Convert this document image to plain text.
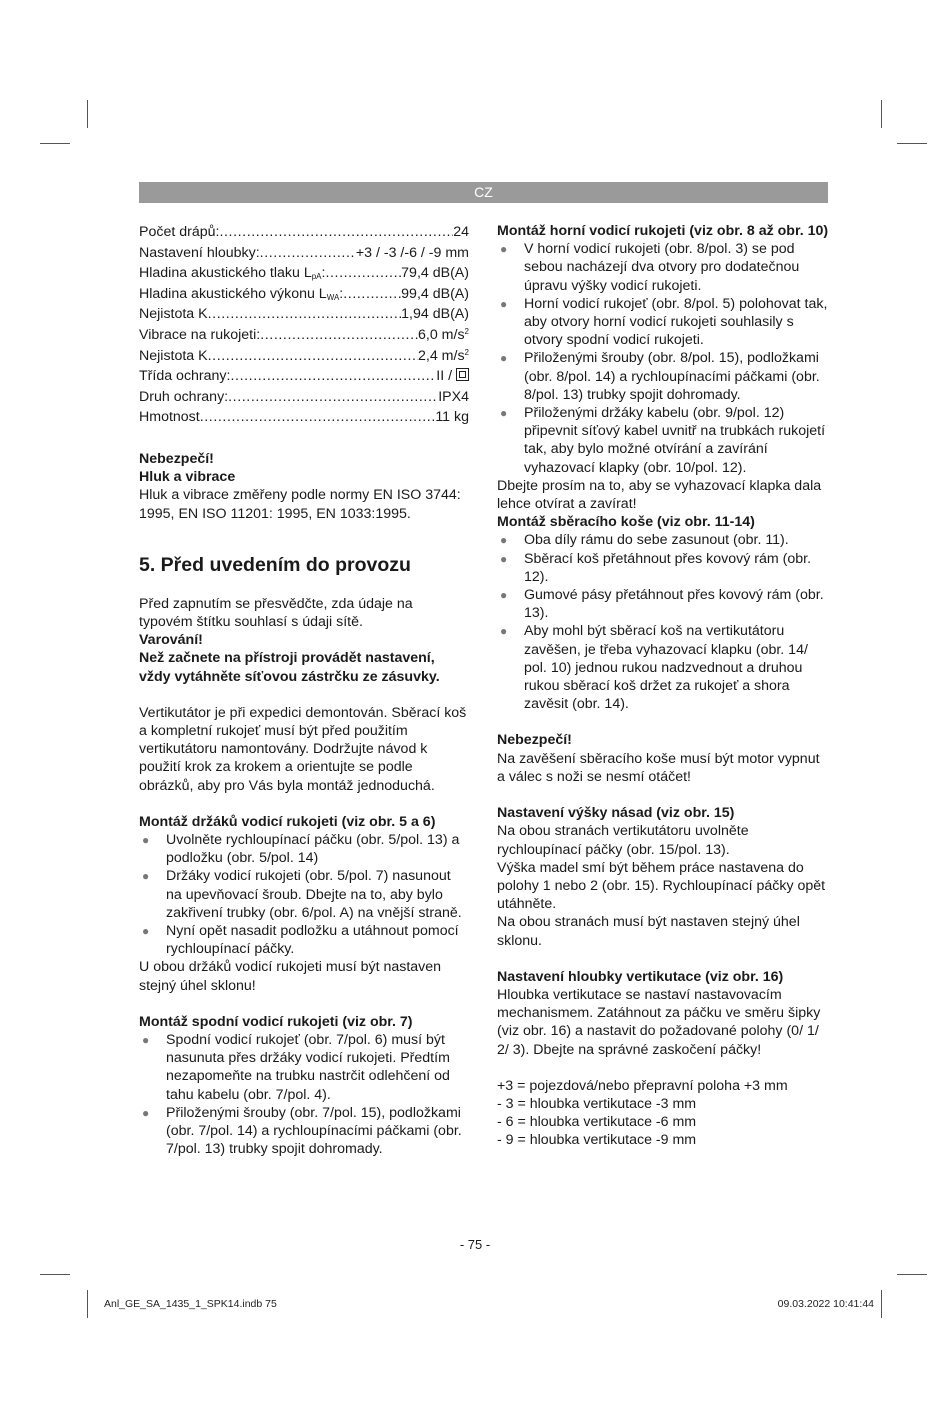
CZ
Počet drápů: .....	24
Nastavení hloubky: .....	+3 / -3 /-6 / -9 mm
Hladina akustického tlaku $L_{pA}$: .....	79,4 dB(A)
Hladina akustického výkonu $L_{WA}$: .....	99,4 dB(A)
Nejistota K .....	1,94 dB(A)
Vibrace na rukojeti: .....	6,0 $m/s^2$
Nejistota K .....	2,4 $m/s^2$
Třída ochrany: .....	II /
Druh ochrany: .....	IPX4
Hmotnost .....	11 kg

Nebezpečí!

Hluk a vibrace

Hluk a vibrace změřeny podle normy EN ISO 3744: 1995, EN ISO 11201: 1995, EN 1033:1995.

5. Před uvedením do provozu

Před zapnutím se přesvědčte, zda údaje na typovém štítku souhlasí s údaji sítě.

Varování!

Než začnete na přístroji provádět nastavení, vždy vytáhněte síťovou zástrčku ze zásuvky.

Vertikutátor je při expedici demontován. Sběrací koš a kompletní rukojeť musí být před použitím vertikutátoru namontovány. Dodržujte návod k použití krok za krokem a orientujte se podle obrázků, aby pro Vás byla montáž jednoduchá.

Montáž držáků vodicí rukojeti (viz obr. 5 a 6)

● Uvolněte rychloupínací páčku (obr. 5/pol. 13) a podložku (obr. 5/pol. 14)
● Držáky vodicí rukojeti (obr. 5/pol. 7) nasunout na upevňovací šroub. Dbejte na to, aby bylo zakřivení trubky (obr. 6/pol. A) na vnější straně.
● Nyní opět nasadit podložku a utáhnout pomocí rychloupínací páčky.

U obou držáků vodicí rukojeti musí být nastaven stejný úhel sklonu!

Montáž spodní vodicí rukojeti (viz obr. 7)

● Spodní vodicí rukojeť (obr. 7/pol. 6) musí být nasunuta přes držáky vodicí rukojeti. Předtím nezapomeňte na trubku nastrčit odlehčení od tahu kabelu (obr. 7/pol. 4).
● Přiloženými šrouby (obr. 7/pol. 15), podložkami (obr. 7/pol. 14) a rychloupínacími páčkami (obr. 7/pol. 13) trubky spojit dohromady.

Montáž horní vodicí rukojeti (viz obr. 8 až obr. 10)

● V horní vodicí rukojeti (obr. 8/pol. 3) se pod sebou nacházejí dva otvory pro dodatečnou úpravu výšky vodicí rukojeti.
● Horní vodicí rukojeť (obr. 8/pol. 5) polohovat tak, aby otvory horní vodicí rukojeti souhlasily s otvory spodní vodicí rukojeti.
● Přiloženými šrouby (obr. 8/pol. 15), podložkami (obr. 8/pol. 14) a rychloupínacími páčkami (obr. 8/pol. 13) trubky spojit dohromady.
● Přiloženými držáky kabelu (obr. 9/pol. 12) připevnit síťový kabel uvnitř na trubkách rukojetí tak, aby bylo možné otvírání a zavírání vyhazovací klapky (obr. 10/pol. 12).

Dbejte prosím na to, aby se vyhazovací klapka dala lehce otvírat a zavírat!

Montáž sběracího koše (viz obr. 11-14)

● Oba díly rámu do sebe zasunout (obr. 11).
● Sběrací koš přetáhnout přes kovový rám (obr. 12).
● Gumové pásy přetáhnout přes kovový rám (obr. 13).
● Aby mohl být sběrací koš na vertikutátoru zavěšen, je třeba vyhazovací klapku (obr. 14/ pol. 10) jednou rukou nadzvednout a druhou rukou sběrací koš držet za rukojeť a shora zavěsit (obr. 14).

Nebezpečí!

Na zavěšení sběracího koše musí být motor vypnut a válec s noži se nesmí otáčet!

Nastavení výšky násad (viz obr. 15)

Na obou stranách vertikutátoru uvolněte rychloupínací páčky (obr. 15/pol. 13).

Výška madel smí být během práce nastavena do polohy 1 nebo 2 (obr. 15). Rychloupínací páčky opět utáhněte.

Na obou stranách musí být nastaven stejný úhel sklonu.

Nastavení hloubky vertikutace (viz obr. 16)

Hloubka vertikutace se nastaví nastavovacím mechanismem. Zatáhnout za páčku ve směru šipky (viz obr. 16) a nastavit do požadované polohy (0/ 1/ 2/ 3). Dbejte na správné zaskočení páčky!

+3 = pojezdová/nebo přepravní poloha +3 mm

- 3 = hloubka vertikutace -3 mm

- 6 = hloubka vertikutace -6 mm

- 9 = hloubka vertikutace -9 mm

- 75 -
Anl_GE_SA_1435_1_SPK14.indb 75	09.03.2022 10:41:44
